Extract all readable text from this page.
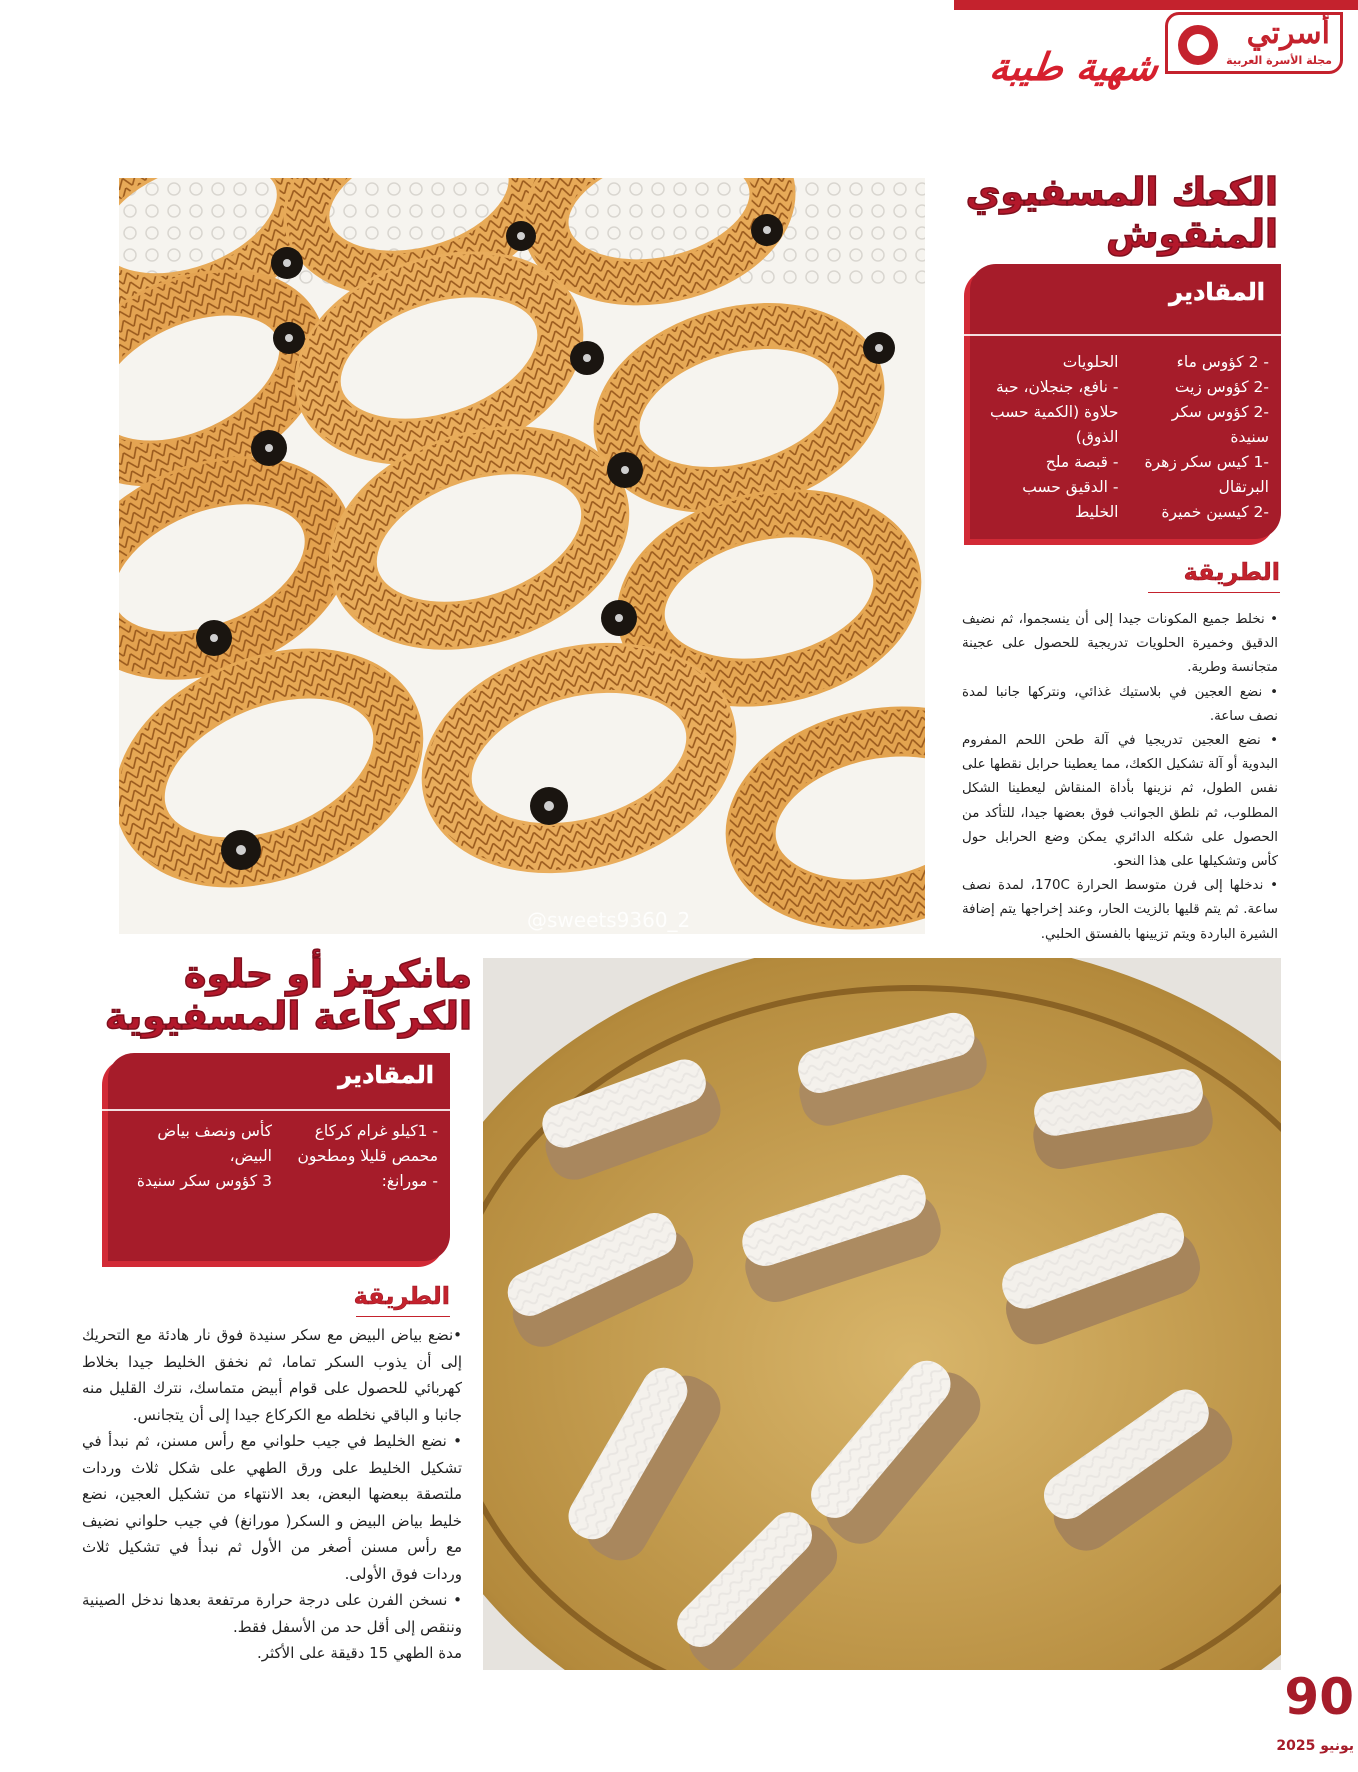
أسرتي
مجلة الأسرة العربية
شهية طيبة
@sweets9360_2
الكعك المسفيوي المنقوش
المقادير
- 2 كؤوس ماء
-2 كؤوس زيت
-2 كؤوس سكر سنيدة
-1 كيس سكر زهرة البرتقال
-2 كيسين خميرة
الحلويات
- نافع، جنجلان، حبة حلاوة (الكمية حسب الذوق)
- قبصة ملح
- الدقيق حسب الخليط
الطريقة
• نخلط جميع المكونات جيدا إلى أن ينسجموا، ثم نضيف الدقيق وخميرة الحلويات تدريجية للحصول على عجينة متجانسة وطرية.
• نضع العجين في بلاستيك غذائي، ونتركها جانبا لمدة نصف ساعة.
• نضع العجين تدريجيا في آلة طحن اللحم المفروم البدوية أو آلة تشكيل الكعك، مما يعطينا حرابل نقطها على نفس الطول، ثم نزينها بأداة المنقاش ليعطينا الشكل المطلوب، ثم نلطق الجوانب فوق بعضها جيدا، للتأكد من الحصول على شكله الدائري يمكن وضع الحرابل حول كأس وتشكيلها على هذا النحو.
• ندخلها إلى فرن متوسط الحرارة 170C، لمدة نصف ساعة. ثم يتم قليها بالزيت الحار، وعند إخراجها يتم إضافة الشيرة الباردة ويتم تزيينها بالفستق الحلبي.
مانكريز أو حلوة الكركاعة المسفيوية
المقادير
- 1كيلو غرام كركاع محمص قليلا ومطحون
- مورانغ:
كأس ونصف بياض البيض،
3 كؤوس سكر سنيدة
الطريقة
•نضع بياض البيض مع سكر سنيدة فوق نار هادئة مع التحريك إلى أن يذوب السكر تماما، ثم نخفق الخليط جيدا بخلاط كهربائي للحصول على قوام أبيض متماسك، نترك القليل منه جانبا و الباقي نخلطه مع الكركاع جيدا إلى أن يتجانس.
• نضع الخليط في جيب حلواني مع رأس مسنن، ثم نبدأ في تشكيل الخليط على ورق الطهي على شكل ثلاث وردات ملتصقة ببعضها البعض، بعد الانتهاء من تشكيل العجين، نضع خليط بياض البيض و السكر( مورانغ) في جيب حلواني نضيف مع رأس مسنن أصغر من الأول ثم نبدأ في تشكيل ثلاث وردات فوق الأولى.
• نسخن الفرن على درجة حرارة مرتفعة بعدها ندخل الصينية وننقص إلى أقل حد من الأسفل فقط.
مدة الطهي 15 دقيقة على الأكثر.
90
يونيو 2025
